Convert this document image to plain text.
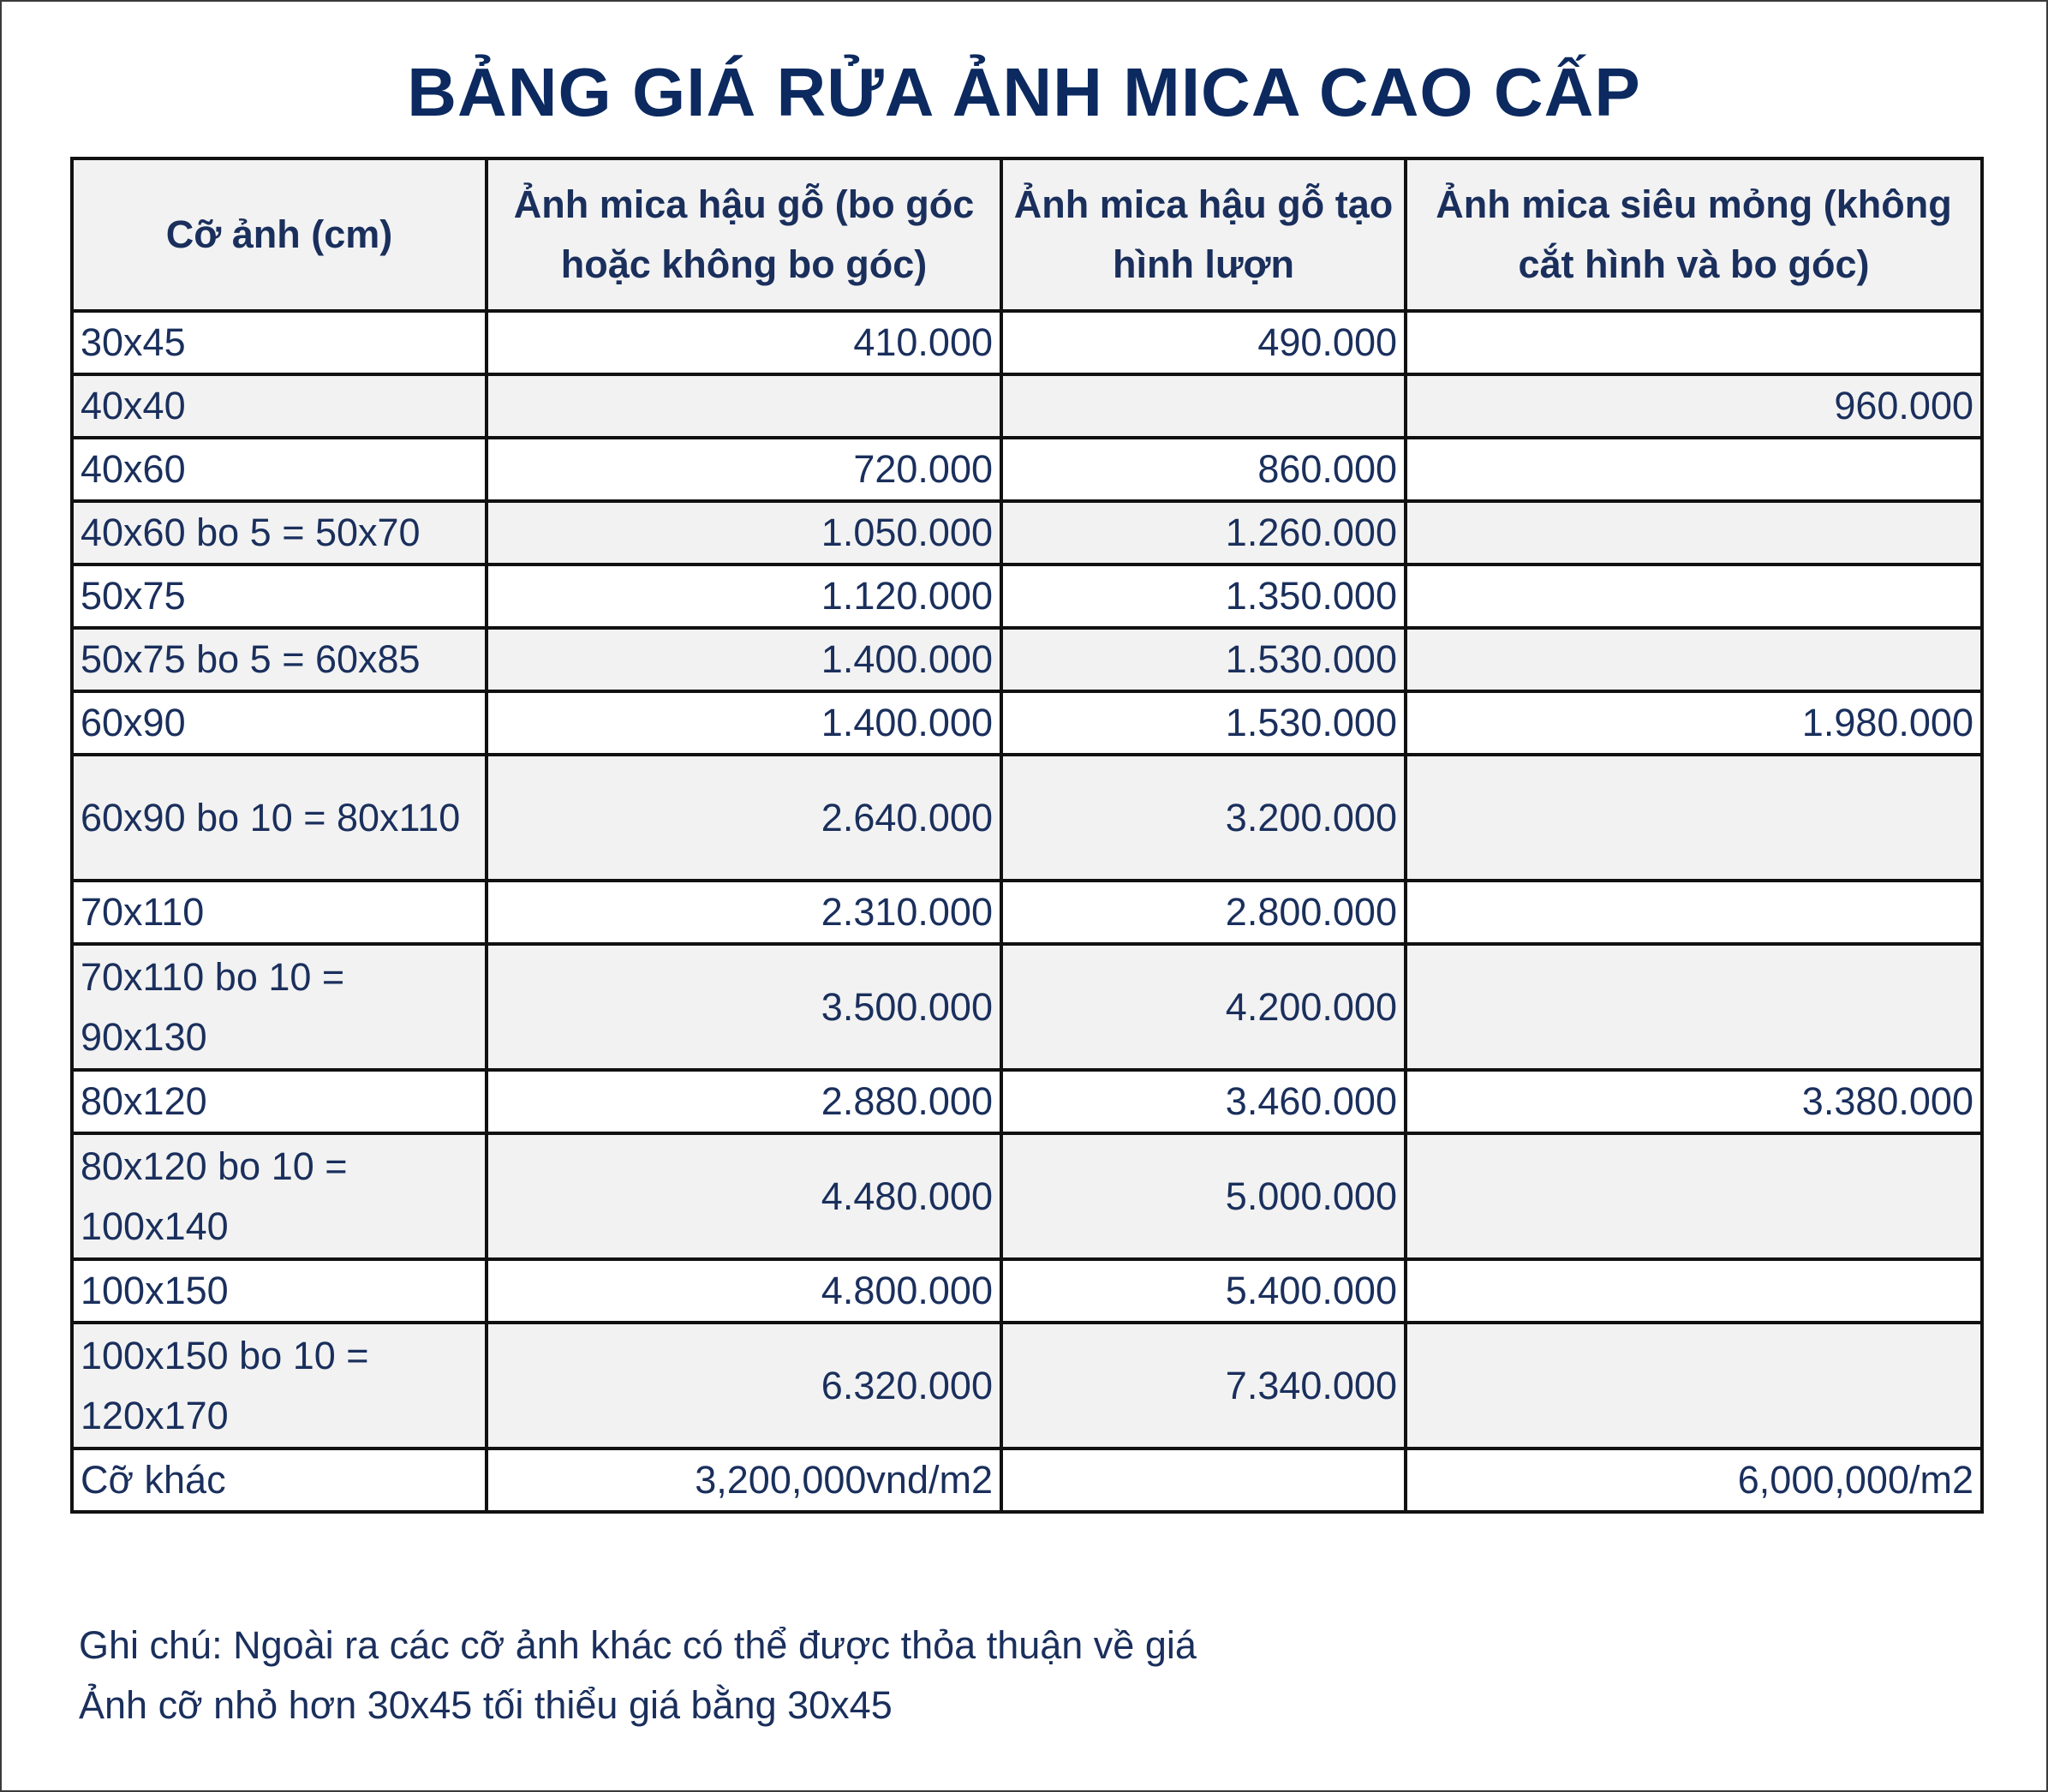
BẢNG GIÁ RỬA ẢNH MICA CAO CẤP
Cỡ ảnh (cm)	Ảnh mica hậu gỗ (bo góc hoặc không bo góc)	Ảnh mica hậu gỗ tạo hình lượn	Ảnh mica siêu mỏng (không cắt hình và bo góc)
30x45	410.000	490.000	
40x40			960.000
40x60	720.000	860.000	
40x60 bo 5 = 50x70	1.050.000	1.260.000	
50x75	1.120.000	1.350.000	
50x75 bo 5 = 60x85	1.400.000	1.530.000	
60x90	1.400.000	1.530.000	1.980.000
60x90 bo 10 = 80x110	2.640.000	3.200.000	
70x110	2.310.000	2.800.000	
70x110 bo 10 = 90x130	3.500.000	4.200.000	
80x120	2.880.000	3.460.000	3.380.000
80x120 bo 10 = 100x140	4.480.000	5.000.000	
100x150	4.800.000	5.400.000	
100x150 bo 10 = 120x170	6.320.000	7.340.000	
Cỡ khác	3,200,000vnd/m2		6,000,000/m2
Ghi chú: Ngoài ra các cỡ ảnh khác có thể được thỏa thuận về giá
Ảnh cỡ nhỏ hơn 30x45 tối thiểu giá bằng 30x45
